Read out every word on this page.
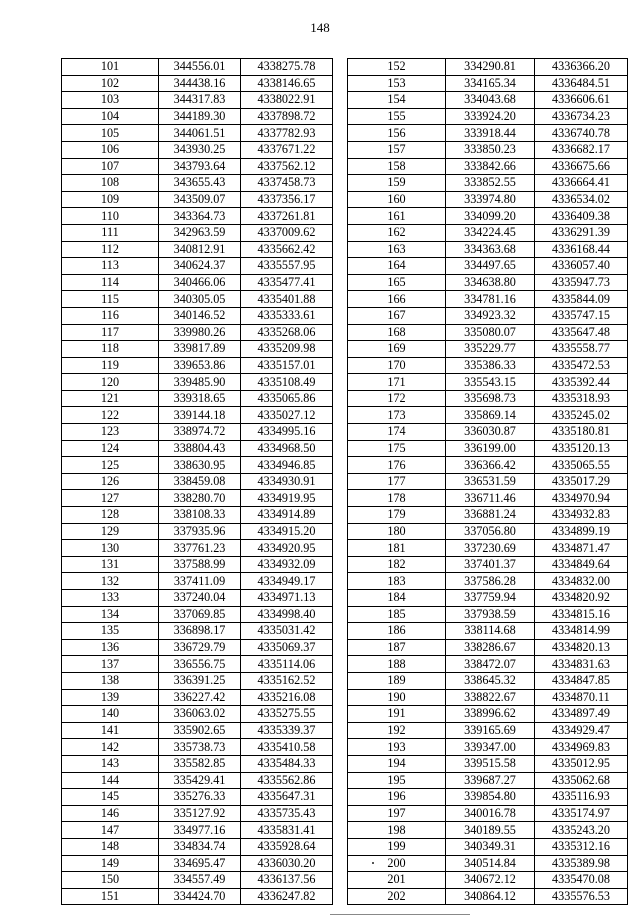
148
101	344556.01	4338275.78
102	344438.16	4338146.65
103	344317.83	4338022.91
104	344189.30	4337898.72
105	344061.51	4337782.93
106	343930.25	4337671.22
107	343793.64	4337562.12
108	343655.43	4337458.73
109	343509.07	4337356.17
110	343364.73	4337261.81
111	342963.59	4337009.62
112	340812.91	4335662.42
113	340624.37	4335557.95
114	340466.06	4335477.41
115	340305.05	4335401.88
116	340146.52	4335333.61
117	339980.26	4335268.06
118	339817.89	4335209.98
119	339653.86	4335157.01
120	339485.90	4335108.49
121	339318.65	4335065.86
122	339144.18	4335027.12
123	338974.72	4334995.16
124	338804.43	4334968.50
125	338630.95	4334946.85
126	338459.08	4334930.91
127	338280.70	4334919.95
128	338108.33	4334914.89
129	337935.96	4334915.20
130	337761.23	4334920.95
131	337588.99	4334932.09
132	337411.09	4334949.17
133	337240.04	4334971.13
134	337069.85	4334998.40
135	336898.17	4335031.42
136	336729.79	4335069.37
137	336556.75	4335114.06
138	336391.25	4335162.52
139	336227.42	4335216.08
140	336063.02	4335275.55
141	335902.65	4335339.37
142	335738.73	4335410.58
143	335582.85	4335484.33
144	335429.41	4335562.86
145	335276.33	4335647.31
146	335127.92	4335735.43
147	334977.16	4335831.41
148	334834.74	4335928.64
149	334695.47	4336030.20
150	334557.49	4336137.56
151	334424.70	4336247.82
152	334290.81	4336366.20
153	334165.34	4336484.51
154	334043.68	4336606.61
155	333924.20	4336734.23
156	333918.44	4336740.78
157	333850.23	4336682.17
158	333842.66	4336675.66
159	333852.55	4336664.41
160	333974.80	4336534.02
161	334099.20	4336409.38
162	334224.45	4336291.39
163	334363.68	4336168.44
164	334497.65	4336057.40
165	334638.80	4335947.73
166	334781.16	4335844.09
167	334923.32	4335747.15
168	335080.07	4335647.48
169	335229.77	4335558.77
170	335386.33	4335472.53
171	335543.15	4335392.44
172	335698.73	4335318.93
173	335869.14	4335245.02
174	336030.87	4335180.81
175	336199.00	4335120.13
176	336366.42	4335065.55
177	336531.59	4335017.29
178	336711.46	4334970.94
179	336881.24	4334932.83
180	337056.80	4334899.19
181	337230.69	4334871.47
182	337401.37	4334849.64
183	337586.28	4334832.00
184	337759.94	4334820.92
185	337938.59	4334815.16
186	338114.68	4334814.99
187	338286.67	4334820.13
188	338472.07	4334831.63
189	338645.32	4334847.85
190	338822.67	4334870.11
191	338996.62	4334897.49
192	339165.69	4334929.47
193	339347.00	4334969.83
194	339515.58	4335012.95
195	339687.27	4335062.68
196	339854.80	4335116.93
197	340016.78	4335174.97
198	340189.55	4335243.20
199	340349.31	4335312.16
200	340514.84	4335389.98
201	340672.12	4335470.08
202	340864.12	4335576.53
